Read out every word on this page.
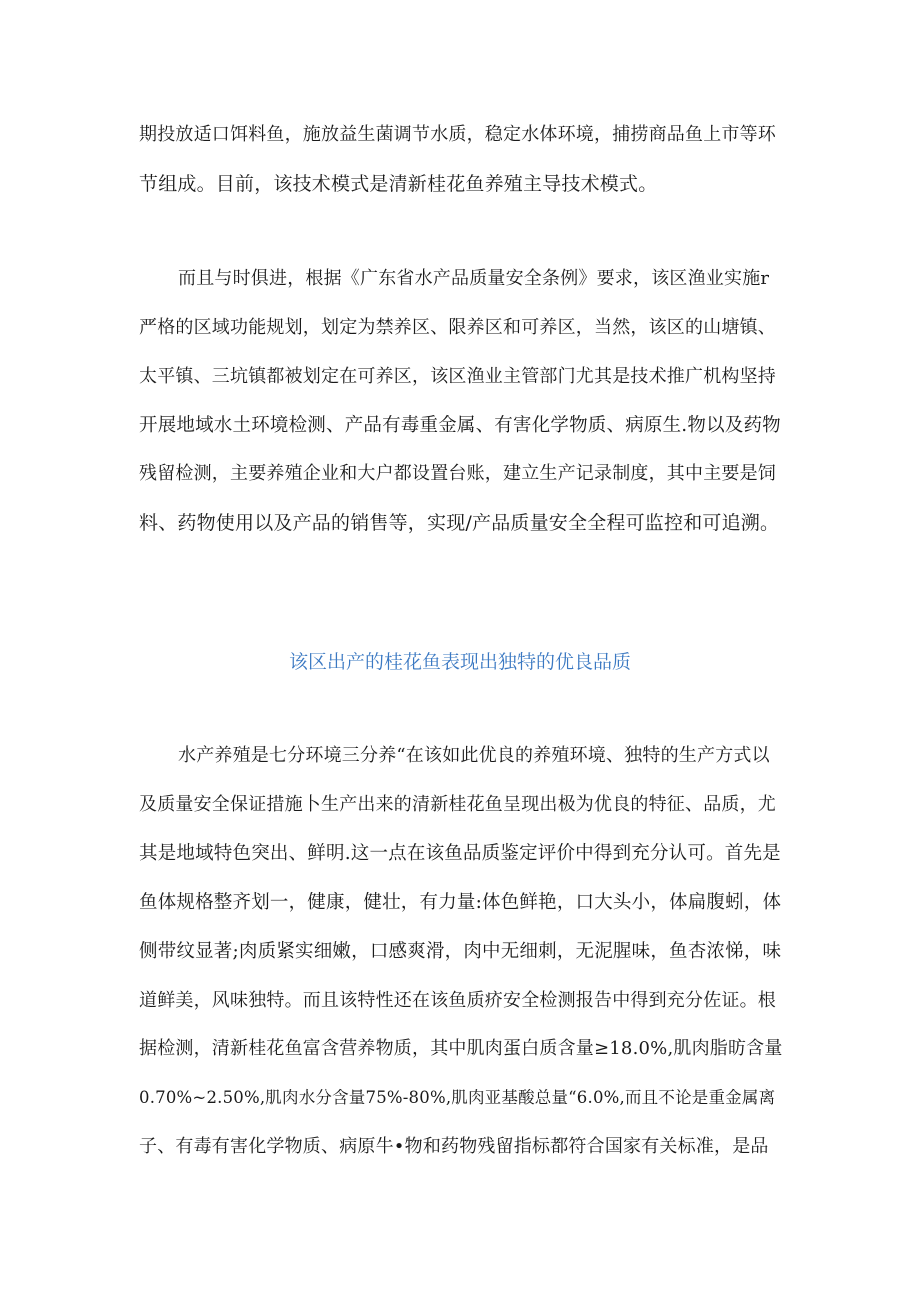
期投放适口饵料鱼，施放益生菌调节水质，稳定水体环境，捕捞商品鱼上市等环
节组成。目前，该技术模式是清新桂花鱼养殖主导技术模式。
而且与时俱进，根据《广东省水产品质量安全条例》要求，该区渔业实施r
严格的区域功能规划，划定为禁养区、限养区和可养区，当然，该区的山塘镇、
太平镇、三坑镇都被划定在可养区，该区渔业主管部门尤其是技术推广机构坚持
开展地域水土环境检测、产品有毒重金属、有害化学物质、病原生.物以及药物
残留检测，主要养殖企业和大户都设置台账，建立生产记录制度，其中主要是饲
料、药物使用以及产品的销售等，实现/产品质量安全全程可监控和可追溯。
该区出产的桂花鱼表现出独特的优良品质
水产养殖是七分环境三分养“在该如此优良的养殖环境、独特的生产方式以
及质量安全保证措施卜生产出来的清新桂花鱼呈现出极为优良的特征、品质，尤
其是地域特色突出、鲜明.这一点在该鱼品质鉴定评价中得到充分认可。首先是
鱼体规格整齐划一，健康，健壮，有力量:体色鲜艳，口大头小，体扁腹蚓，体
侧带纹显著;肉质紧实细嫩，口感爽滑，肉中无细刺，无泥腥味，鱼杏浓悌，味
道鲜美，风味独特。而且该特性还在该鱼质疥安全检测报告中得到充分佐证。根
据检测，清新桂花鱼富含营养物质，其中肌肉蛋白质含量≥18.0%,肌肉脂昉含量
0.70%~2.50%,肌肉水分含量75%-80%,肌肉亚基酸总量“6.0%,而且不论是重金属离
子、有毒有害化学物质、病原牛•物和药物残留指标都符合国家有关标准，是品
